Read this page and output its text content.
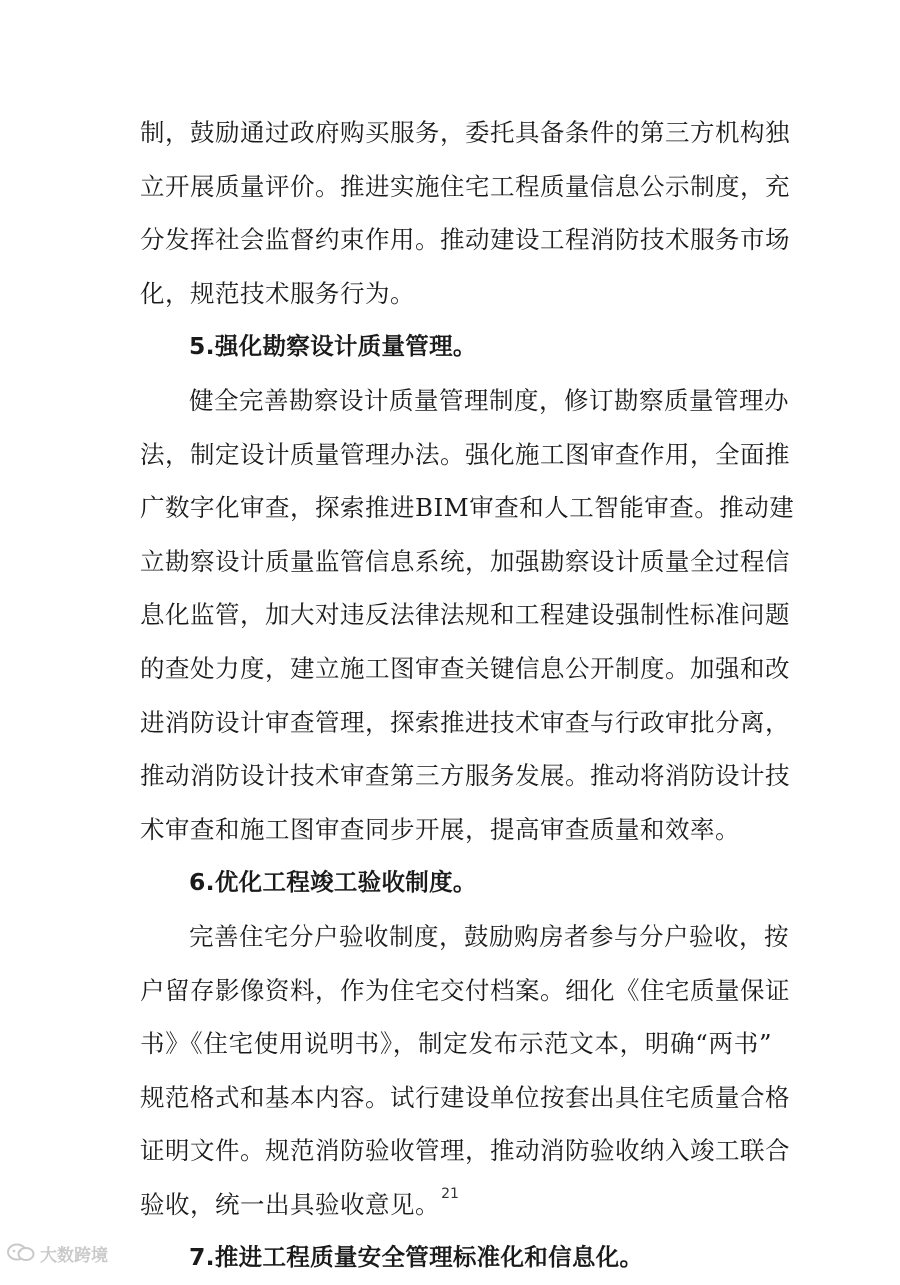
制，鼓励通过政府购买服务，委托具备条件的第三方机构独
立开展质量评价。推进实施住宅工程质量信息公示制度，充
分发挥社会监督约束作用。推动建设工程消防技术服务市场
化，规范技术服务行为。
5.强化勘察设计质量管理。
健全完善勘察设计质量管理制度，修订勘察质量管理办
法，制定设计质量管理办法。强化施工图审查作用，全面推
广数字化审查，探索推进BIM审查和人工智能审查。推动建
立勘察设计质量监管信息系统，加强勘察设计质量全过程信
息化监管，加大对违反法律法规和工程建设强制性标准问题
的查处力度，建立施工图审查关键信息公开制度。加强和改
进消防设计审查管理，探索推进技术审查与行政审批分离，
推动消防设计技术审查第三方服务发展。推动将消防设计技
术审查和施工图审查同步开展，提高审查质量和效率。
6.优化工程竣工验收制度。
完善住宅分户验收制度，鼓励购房者参与分户验收，按
户留存影像资料，作为住宅交付档案。细化《住宅质量保证
书》《住宅使用说明书》，制定发布示范文本，明确“两书”
规范格式和基本内容。试行建设单位按套出具住宅质量合格
证明文件。规范消防验收管理，推动消防验收纳入竣工联合
验收，统一出具验收意见。
7.推进工程质量安全管理标准化和信息化。
21
大数跨境
